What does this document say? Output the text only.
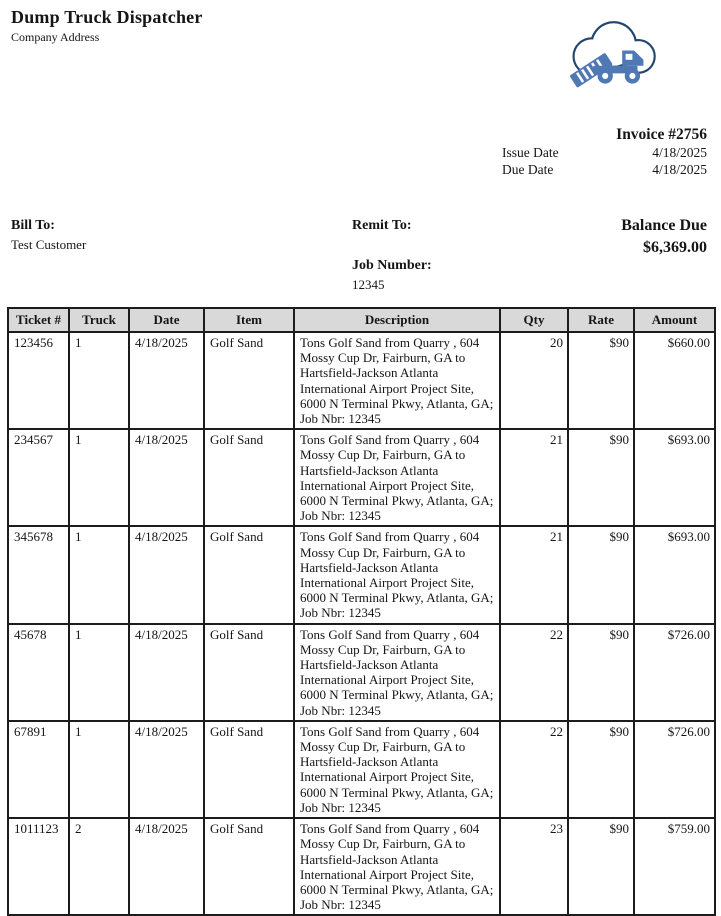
Dump Truck Dispatcher
Company Address
Invoice #2756
Issue Date	4/18/2025
Due Date	4/18/2025
Bill To:
Test Customer
Remit To:
Job Number:
12345
Balance Due
$6,369.00
Ticket #	Truck	Date	Item	Description	Qty	Rate	Amount
123456	1	4/18/2025	Golf Sand	Tons Golf Sand from Quarry , 604 Mossy Cup Dr, Fairburn, GA to Hartsfield-Jackson Atlanta International Airport Project Site, 6000 N Terminal Pkwy, Atlanta, GA; Job Nbr: 12345	20	$90	$660.00
234567	1	4/18/2025	Golf Sand	Tons Golf Sand from Quarry , 604 Mossy Cup Dr, Fairburn, GA to Hartsfield-Jackson Atlanta International Airport Project Site, 6000 N Terminal Pkwy, Atlanta, GA; Job Nbr: 12345	21	$90	$693.00
345678	1	4/18/2025	Golf Sand	Tons Golf Sand from Quarry , 604 Mossy Cup Dr, Fairburn, GA to Hartsfield-Jackson Atlanta International Airport Project Site, 6000 N Terminal Pkwy, Atlanta, GA; Job Nbr: 12345	21	$90	$693.00
45678	1	4/18/2025	Golf Sand	Tons Golf Sand from Quarry , 604 Mossy Cup Dr, Fairburn, GA to Hartsfield-Jackson Atlanta International Airport Project Site, 6000 N Terminal Pkwy, Atlanta, GA; Job Nbr: 12345	22	$90	$726.00
67891	1	4/18/2025	Golf Sand	Tons Golf Sand from Quarry , 604 Mossy Cup Dr, Fairburn, GA to Hartsfield-Jackson Atlanta International Airport Project Site, 6000 N Terminal Pkwy, Atlanta, GA; Job Nbr: 12345	22	$90	$726.00
1011123	2	4/18/2025	Golf Sand	Tons Golf Sand from Quarry , 604 Mossy Cup Dr, Fairburn, GA to Hartsfield-Jackson Atlanta International Airport Project Site, 6000 N Terminal Pkwy, Atlanta, GA; Job Nbr: 12345	23	$90	$759.00
